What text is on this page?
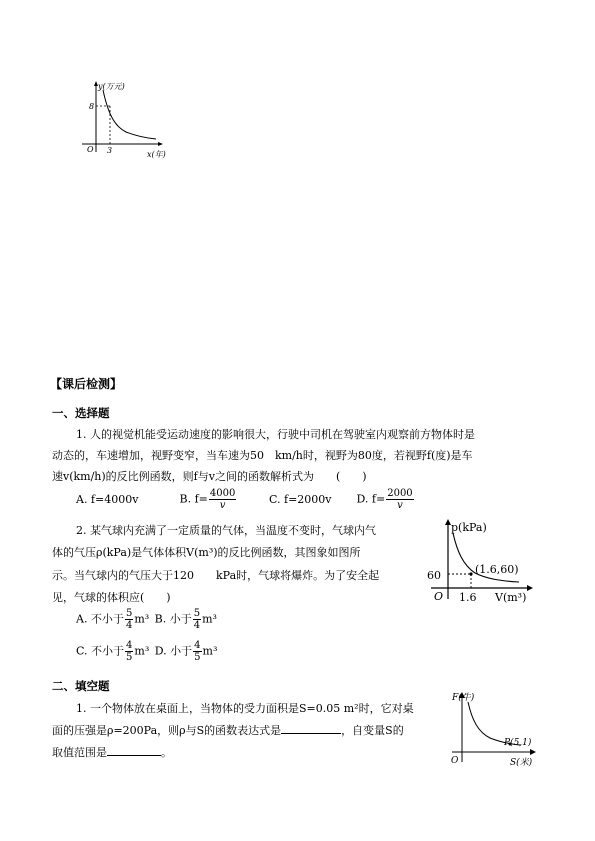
y(万元)
8
3
O
x(年)
【课后检测】
一、选择题
1. 人的视觉机能受运动速度的影响很大，行驶中司机在驾驶室内观察前方物体时是
动态的，车速增加，视野变窄，当车速为50　km/h时，视野为80度，若视野f(度)是车
速v(km/h)的反比例函数，则f与v之间的函数解析式为　　(　　)
A. f=4000v	B. $f= \frac{4000}{v}$	C. f=2000v D. $f= \frac{2000}{v}$
2. 某气球内充满了一定质量的气体，当温度不变时，气球内气
体的气压ρ(kPa)是气体体积V(m³)的反比例函数，其图象如图所
示。当气球内的气压大于120　　kPa时，气球将爆炸。为了安全起
见，气球的体积应(　　)
A. 不小于 $\frac{5}{4} m^3$ B. 小于 $\frac{5}{4} m^3$
C. 不小于 $\frac{4}{5} m^3$ D. 小于 $\frac{4}{5} m^3$
p(kPa)
(1.6,60)
60
O 1.6 V(m³)
二、填空题
1. 一个物体放在桌面上，当物体的受力面积是S=0.05 m²时，它对桌
面的压强是ρ=200Pa，则ρ与S的函数表达式是	，自变量S的
取值范围是	。
F(牛)
P(5,1)
O	S(米)
